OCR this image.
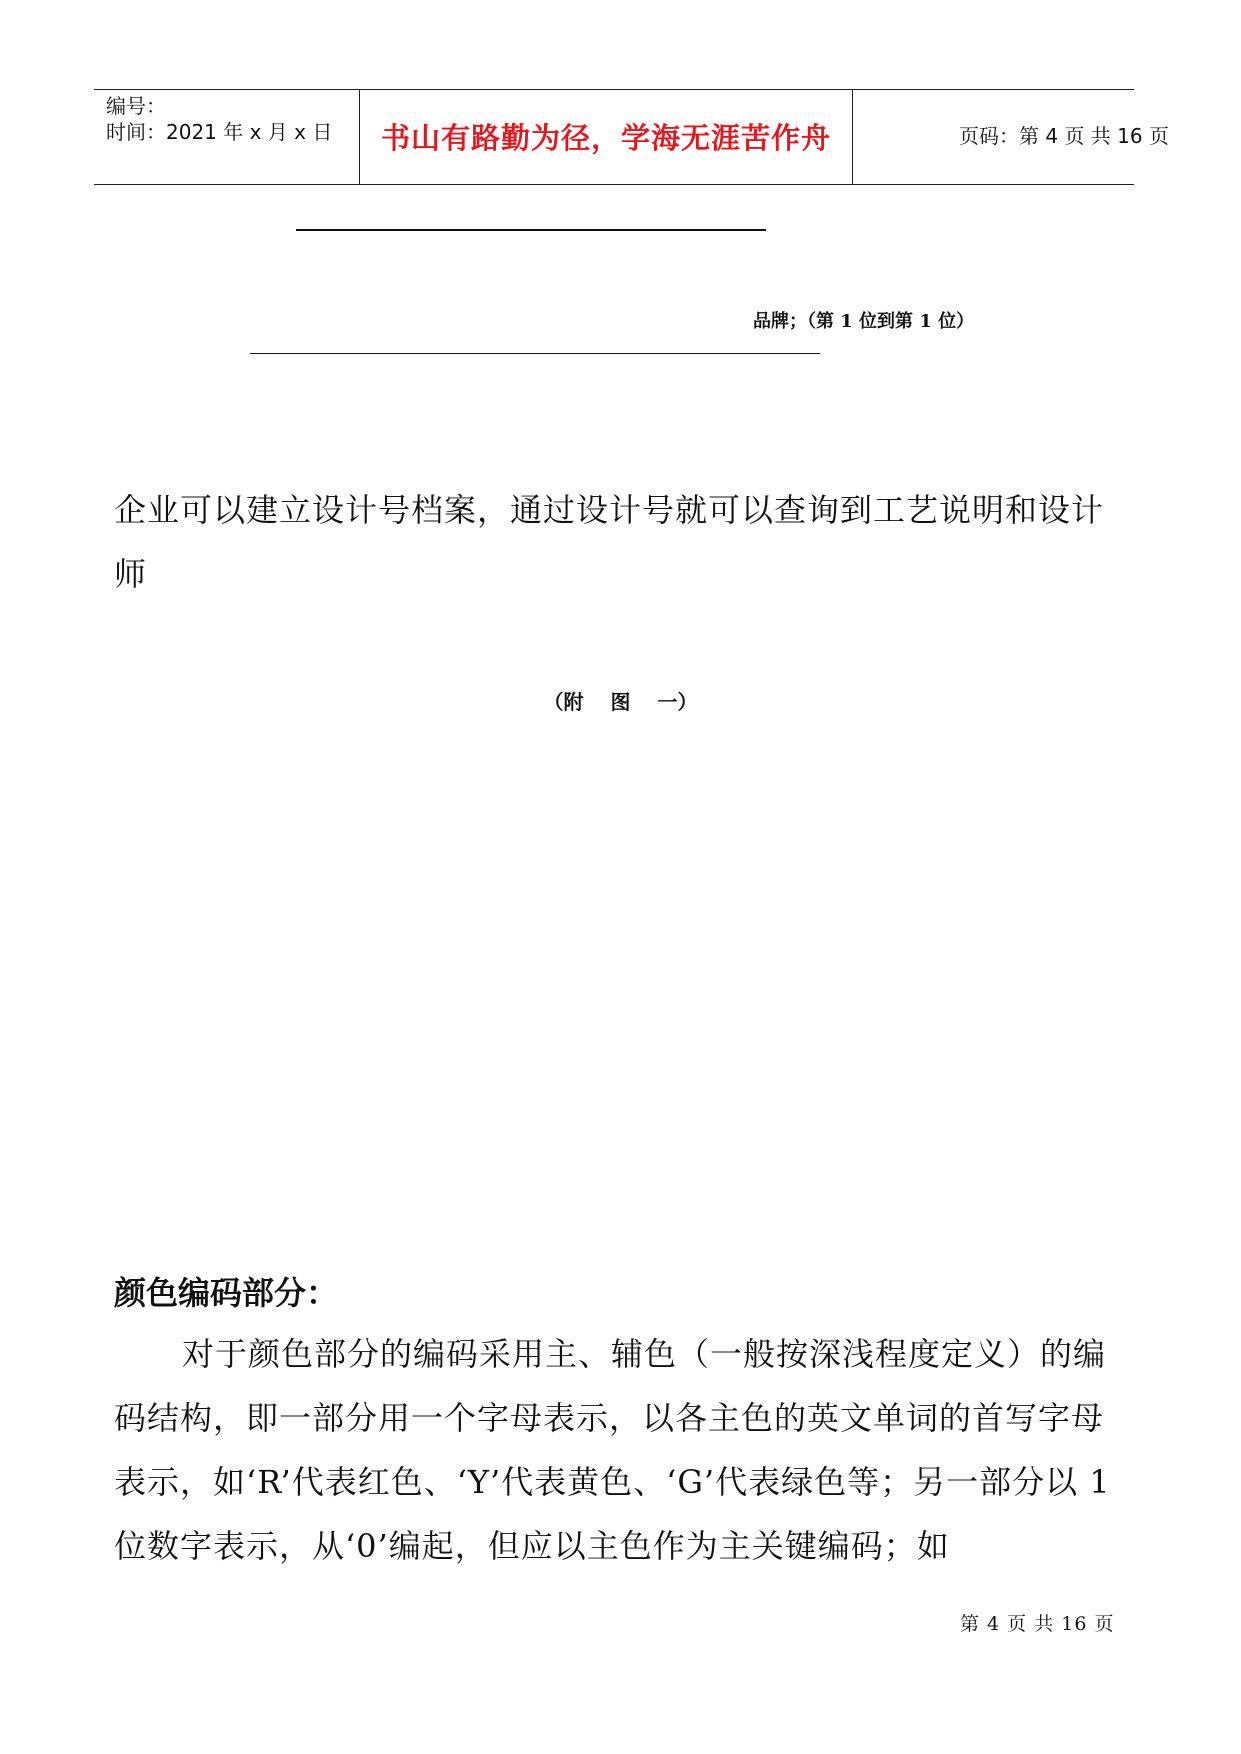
编号：
时间：2021 年 x 月 x 日	书山有路勤为径，学海无涯苦作舟	页码：第 4 页 共 16 页
品牌；（第 1 位到第 1 位）
企业可以建立设计号档案，通过设计号就可以查询到工艺说明和设计师
（附 图 一）
颜色编码部分：
对于颜色部分的编码采用主、辅色（一般按深浅程度定义）的编码结构，即一部分用一个字母表示，以各主色的英文单词的首写字母表示，如‘R’代表红色、‘Y’代表黄色、‘G’代表绿色等；另一部分以 1 位数字表示，从‘0’编起，但应以主色作为主关键编码；如
第 4 页 共 16 页
